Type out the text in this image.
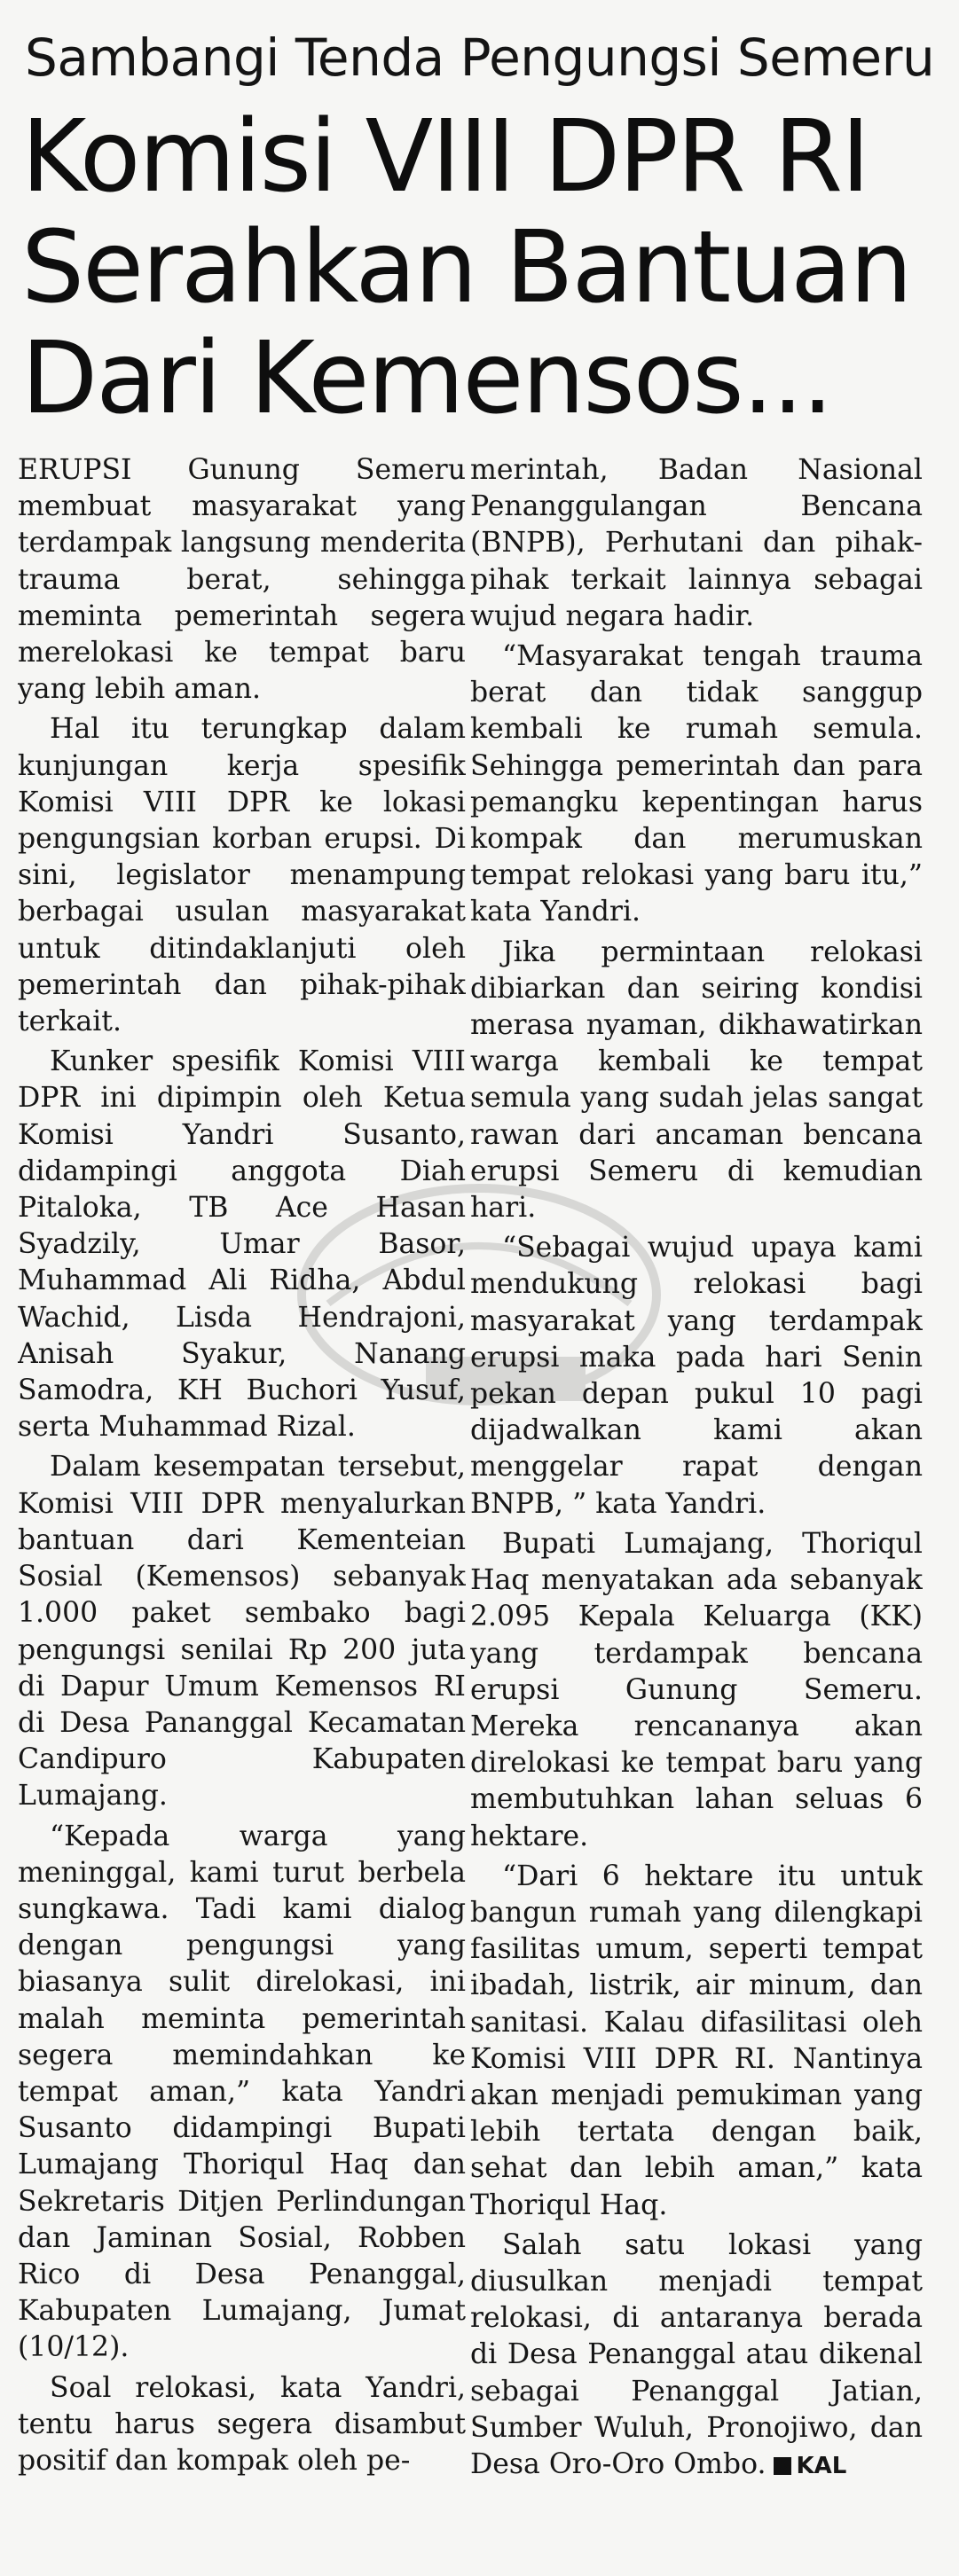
Sambangi Tenda Pengungsi Semeru
Komisi VIII DPR RI
Serahkan Bantuan
Dari Kemensos...

ERUPSI Gunung Semeru membuat masyarakat yang terdampak langsung menderita trauma berat, sehingga meminta pemerintah segera merelokasi ke tempat baru yang lebih aman.

Hal itu terungkap dalam kunjungan kerja spesifik Komisi VIII DPR ke lokasi pengungsian korban erupsi. Di sini, legislator menampung berbagai usulan masyarakat untuk ditindaklanjuti oleh pemerintah dan pihak-pihak terkait.

Kunker spesifik Komisi VIII DPR ini dipimpin oleh Ketua Komisi Yandri Susanto, didampingi anggota Diah Pitaloka, TB Ace Hasan Syadzily, Umar Basor, Muhammad Ali Ridha, Abdul Wachid, Lisda Hendrajoni, Anisah Syakur, Nanang Samodra, KH Buchori Yusuf, serta Muhammad Rizal.

Dalam kesempatan tersebut, Komisi VIII DPR menyalurkan bantuan dari Kementeian Sosial (Kemensos) sebanyak 1.000 paket sembako bagi pengungsi senilai Rp 200 juta di Dapur Umum Kemensos RI di Desa Pananggal Kecamatan Candipuro Kabupaten Lumajang.

“Kepada warga yang meninggal, kami turut berbela sungkawa. Tadi kami dialog dengan pengungsi yang biasanya sulit direlokasi, ini malah meminta pemerintah segera memindahkan ke tempat aman,” kata Yandri Susanto didampingi Bupati Lumajang Thoriqul Haq dan Sekretaris Ditjen Perlindungan dan Jaminan Sosial, Robben Rico di Desa Penanggal, Kabupaten Lumajang, Jumat (10/12).

Soal relokasi, kata Yandri, tentu harus segera disambut positif dan kompak oleh pe-

merintah, Badan Nasional Penanggulangan Bencana (BNPB), Perhutani dan pihak-pihak terkait lainnya sebagai wujud negara hadir.

“Masyarakat tengah trauma berat dan tidak sanggup kembali ke rumah semula. Sehingga pemerintah dan para pemangku kepentingan harus kompak dan merumuskan tempat relokasi yang baru itu,” kata Yandri.

Jika permintaan relokasi dibiarkan dan seiring kondisi merasa nyaman, dikhawatirkan warga kembali ke tempat semula yang sudah jelas sangat rawan dari ancaman bencana erupsi Semeru di kemudian hari.

“Sebagai wujud upaya kami mendukung relokasi bagi masyarakat yang terdampak erupsi maka pada hari Senin pekan depan pukul 10 pagi dijadwalkan kami akan menggelar rapat dengan BNPB, ” kata Yandri.

Bupati Lumajang, Thoriqul Haq menyatakan ada sebanyak 2.095 Kepala Keluarga (KK) yang terdampak bencana erupsi Gunung Semeru. Mereka rencananya akan direlokasi ke tempat baru yang membutuhkan lahan seluas 6 hektare.

“Dari 6 hektare itu untuk bangun rumah yang dilengkapi fasilitas umum, seperti tempat ibadah, listrik, air minum, dan sanitasi. Kalau difasilitasi oleh Komisi VIII DPR RI. Nantinya akan menjadi pemukiman yang lebih tertata dengan baik, sehat dan lebih aman,” kata Thoriqul Haq.

Salah satu lokasi yang diusulkan menjadi tempat relokasi, di antaranya berada di Desa Penanggal atau dikenal sebagai Penanggal Jatian, Sumber Wuluh, Pronojiwo, dan Desa Oro-Oro Ombo. KAL
